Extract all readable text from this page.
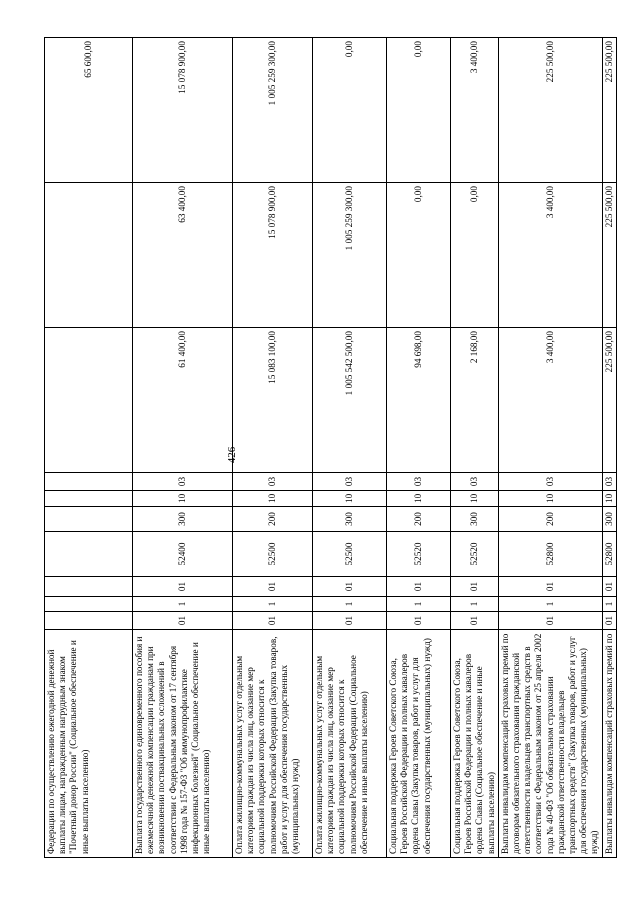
426
Федерации по осуществлению ежегодной денежной выплаты лицам, награжденным нагрудным знаком "Почетный донор России" (Социальное обеспечение и иные выплаты населению)										65 600,00
Выплата государственного единовременного пособия и ежемесячной денежной компенсации гражданам при возникновении поствакцинальных осложнений в соответствии с Федеральным законом от 17 сентября 1998 года № 157-ФЗ "Об иммунопрофилактике инфекционных болезней" (Социальное обеспечение и иные выплаты населению)	01	1	01	52400	300	10	03	61 400,00	63 400,00	15 078 900,00
Оплата жилищно-коммунальных услуг отдельным категориям граждан из числа лиц, оказание мер социальной поддержки которых относится к полномочиям Российской Федерации (Закупка товаров, работ и услуг для обеспечения государственных (муниципальных) нужд)	01	1	01	52500	200	10	03	15 083 100,00	15 078 900,00	1 005 259 300,00
Оплата жилищно-коммунальных услуг отдельным категориям граждан из числа лиц, оказание мер социальной поддержки которых относится к полномочиям Российской Федерации (Социальное обеспечение и иные выплаты населению)	01	1	01	52500	300	10	03	1 005 542 500,00	1 005 259 300,00	0,00
Социальная поддержка Героев Советского Союза, Героев Российской Федерации и полных кавалеров ордена Славы (Закупка товаров, работ и услуг для обеспечения государственных (муниципальных) нужд)	01	1	01	52520	200	10	03	94 698,00	0,00	0,00
Социальная поддержка Героев Советского Союза, Героев Российской Федерации и полных кавалеров ордена Славы (Социальное обеспечение и иные выплаты населению)	01	1	01	52520	300	10	03	2 168,00	0,00	3 400,00
Выплаты инвалидам компенсаций страховых премий по договорам обязательного страхования гражданской ответственности владельцев транспортных средств в соответствии с Федеральным законом от 25 апреля 2002 года № 40-ФЗ "Об обязательном страховании гражданской ответственности владельцев транспортных средств" (Закупка товаров, работ и услуг для обеспечения государственных (муниципальных) нужд)	01	1	01	52800	200	10	03	3 400,00	3 400,00	225 500,00
Выплаты инвалидам компенсаций страховых премий по	01	1	01	52800	300	10	03	225 500,00	225 500,00	225 500,00
